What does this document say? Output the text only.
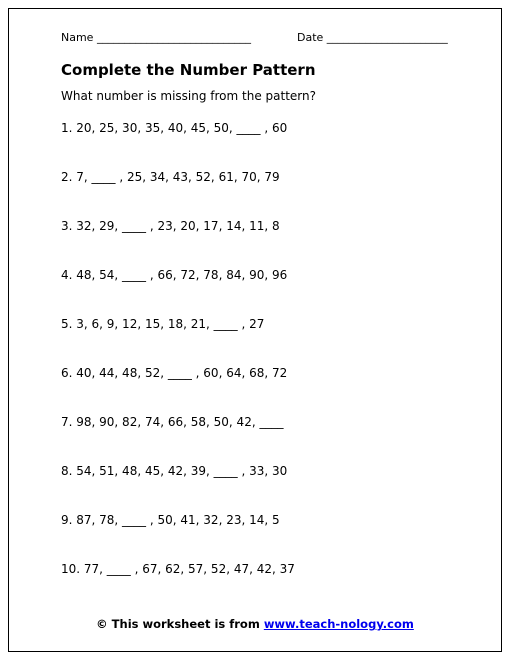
Name ____________________________	Date ______________________
Complete the Number Pattern
What number is missing from the pattern?
1. 20, 25, 30, 35, 40, 45, 50, ____ , 60
2. 7, ____ , 25, 34, 43, 52, 61, 70, 79
3. 32, 29, ____ , 23, 20, 17, 14, 11, 8
4. 48, 54, ____ , 66, 72, 78, 84, 90, 96
5. 3, 6, 9, 12, 15, 18, 21, ____ , 27
6. 40, 44, 48, 52, ____ , 60, 64, 68, 72
7. 98, 90, 82, 74, 66, 58, 50, 42, ____
8. 54, 51, 48, 45, 42, 39, ____ , 33, 30
9. 87, 78, ____ , 50, 41, 32, 23, 14, 5
10. 77, ____ , 67, 62, 57, 52, 47, 42, 37
© This worksheet is from www.teach-nology.com
